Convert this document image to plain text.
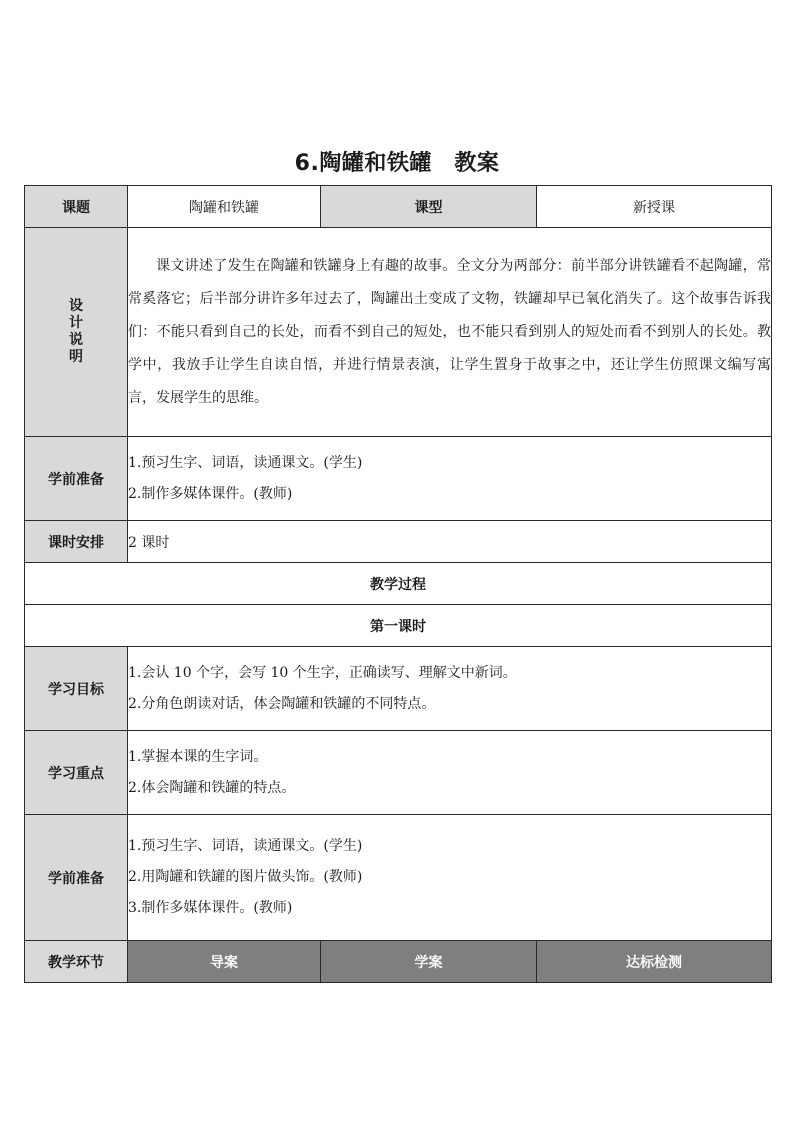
6.陶罐和铁罐　教案
课题	陶罐和铁罐	课型	新授课
设计说明	课文讲述了发生在陶罐和铁罐身上有趣的故事。全文分为两部分：前半部分讲铁罐看不起陶罐，常常奚落它；后半部分讲许多年过去了，陶罐出土变成了文物，铁罐却早已氧化消失了。这个故事告诉我们：不能只看到自己的长处，而看不到自己的短处，也不能只看到别人的短处而看不到别人的长处。教学中，我放手让学生自读自悟，并进行情景表演，让学生置身于故事之中，还让学生仿照课文编写寓言，发展学生的思维。		

学前准备	1.预习生字、词语，读通课文。(学生)
2.制作多媒体课件。(教师)		

课时安排	2 课时		
教学过程			
第一课时			
学习目标	1.会认 10 个字，会写 10 个生字，正确读写、理解文中新词。
2.分角色朗读对话，体会陶罐和铁罐的不同特点。		

学习重点	1.掌握本课的生字词。
2.体会陶罐和铁罐的特点。		

学前准备	1.预习生字、词语，读通课文。(学生)
2.用陶罐和铁罐的图片做头饰。(教师)
3.制作多媒体课件。(教师)		

教学环节	导案	学案	达标检测
